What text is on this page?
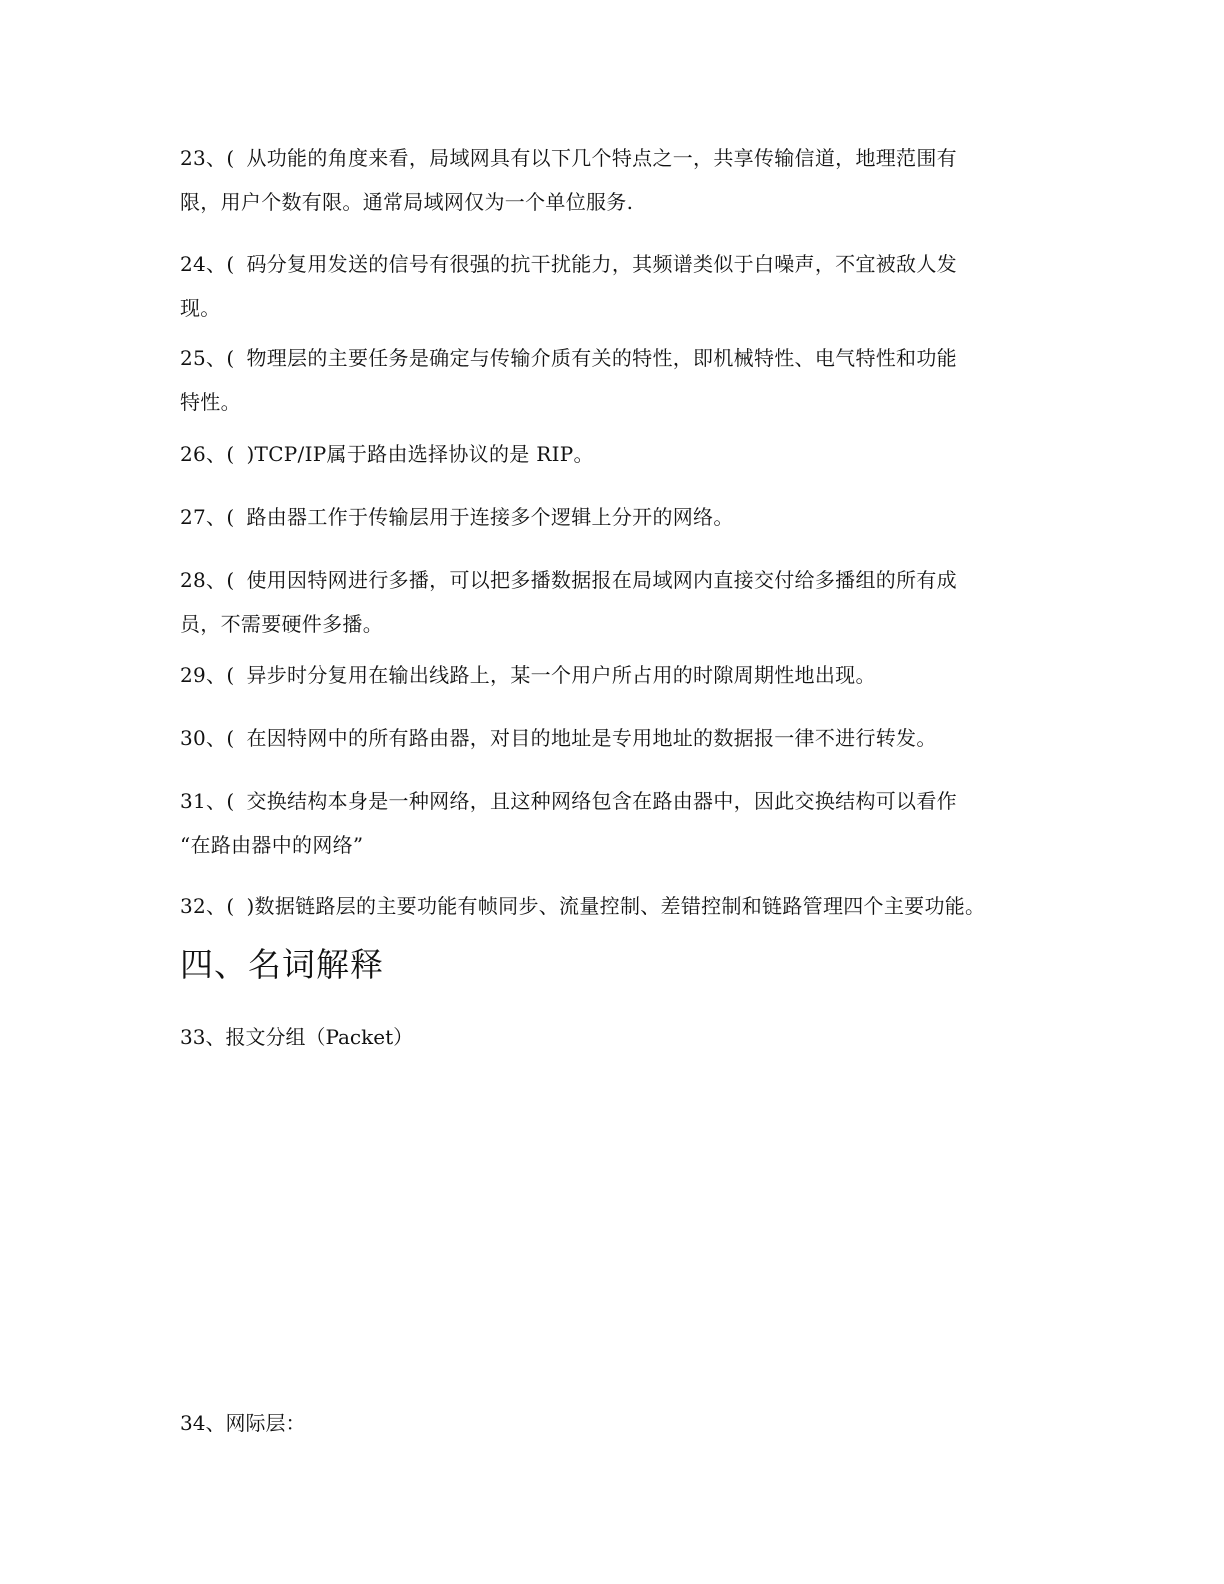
23、( 从功能的角度来看，局域网具有以下几个特点之一，共享传输信道，地理范围有
限，用户个数有限。通常局域网仅为一个单位服务.
24、( 码分复用发送的信号有很强的抗干扰能力，其频谱类似于白噪声，不宜被敌人发
现。
25、( 物理层的主要任务是确定与传输介质有关的特性，即机械特性、电气特性和功能
特性。
26、( )TCP/IP属于路由选择协议的是 RIP。
27、( 路由器工作于传输层用于连接多个逻辑上分开的网络。
28、( 使用因特网进行多播，可以把多播数据报在局域网内直接交付给多播组的所有成
员，不需要硬件多播。
29、( 异步时分复用在输出线路上，某一个用户所占用的时隙周期性地出现。
30、( 在因特网中的所有路由器，对目的地址是专用地址的数据报一律不进行转发。
31、( 交换结构本身是一种网络，且这种网络包含在路由器中，因此交换结构可以看作
“在路由器中的网络”
32、( )数据链路层的主要功能有帧同步、流量控制、差错控制和链路管理四个主要功能。
四、名词解释
33、报文分组（Packet）
34、网际层：
